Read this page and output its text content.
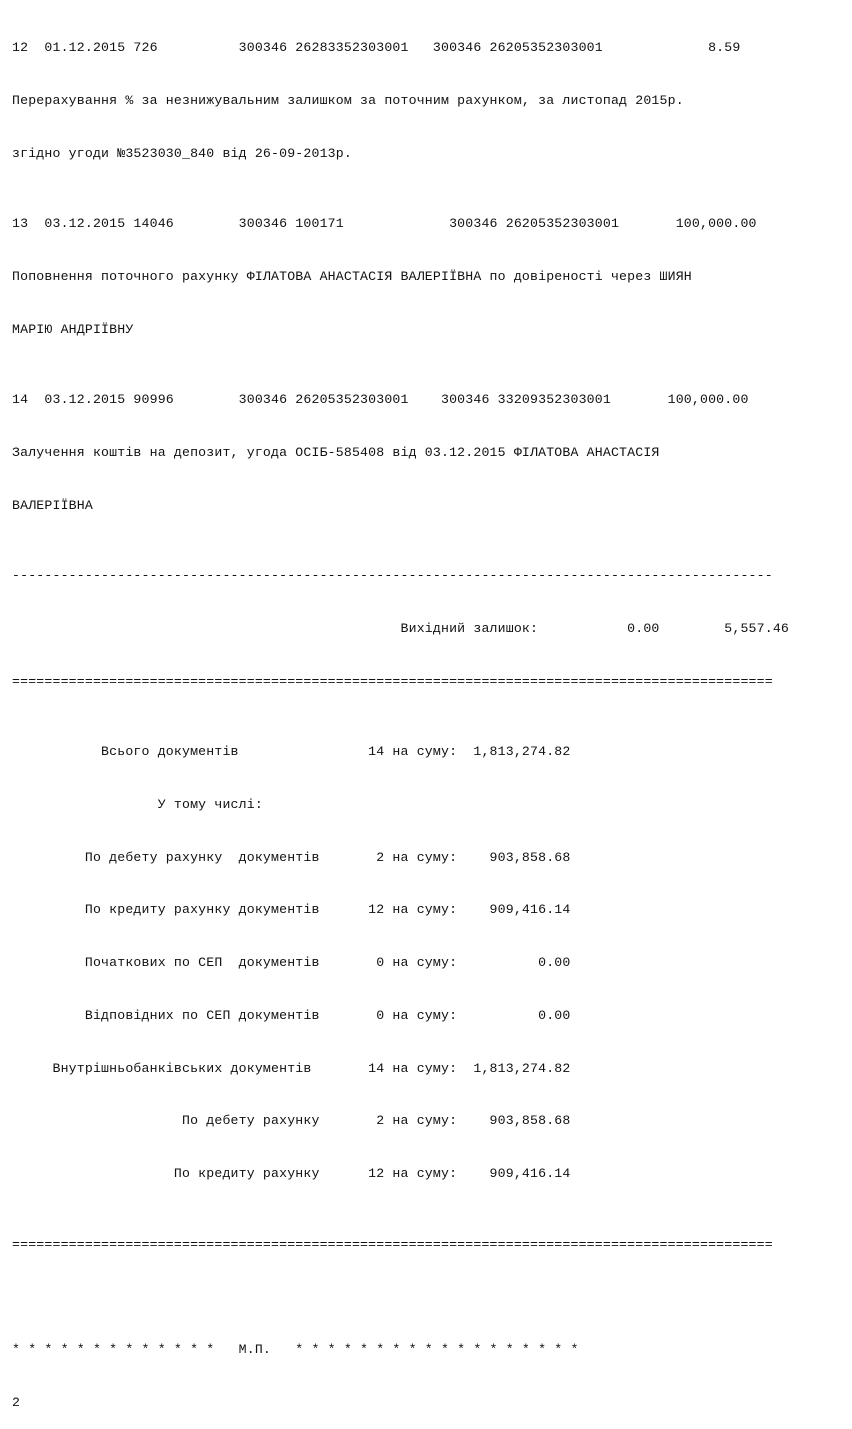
12  01.12.2015 726          300346 26283352303001   300346 26205352303001             8.59

Перерахування % за незнижувальним залишком за поточним рахунком, за листопад 2015р.

згідно угоди №3523030_840 від 26-09-2013р.

13  03.12.2015 14046        300346 100171             300346 26205352303001       100,000.00

Поповнення поточного рахунку ФІЛАТОВА АНАСТАСІЯ ВАЛЕРІЇВНА по довіреності через ШИЯН

МАРІЮ АНДРІЇВНУ

14  03.12.2015 90996        300346 26205352303001    300346 33209352303001       100,000.00

Залучення коштів на депозит, угода ОСІБ-585408 від 03.12.2015 ФІЛАТОВА АНАСТАСІЯ

ВАЛЕРІЇВНА

----------------------------------------------------------------------------------------------

Вихідний залишок:           0.00        5,557.46

==============================================================================================

Всього документів                14 на суму:  1,813,274.82

У тому числі:

По дебету рахунку  документів       2 на суму:    903,858.68

По кредиту рахунку документів      12 на суму:    909,416.14

Початкових по СЕП  документів       0 на суму:          0.00

Відповідних по СЕП документів       0 на суму:          0.00

Внутрішньобанківських документів       14 на суму:  1,813,274.82

По дебету рахунку       2 на суму:    903,858.68

По кредиту рахунку      12 на суму:    909,416.14

==============================================================================================

* * * * * * * * * * * * *   М.П.   * * * * * * * * * * * * * * * * * *

2
